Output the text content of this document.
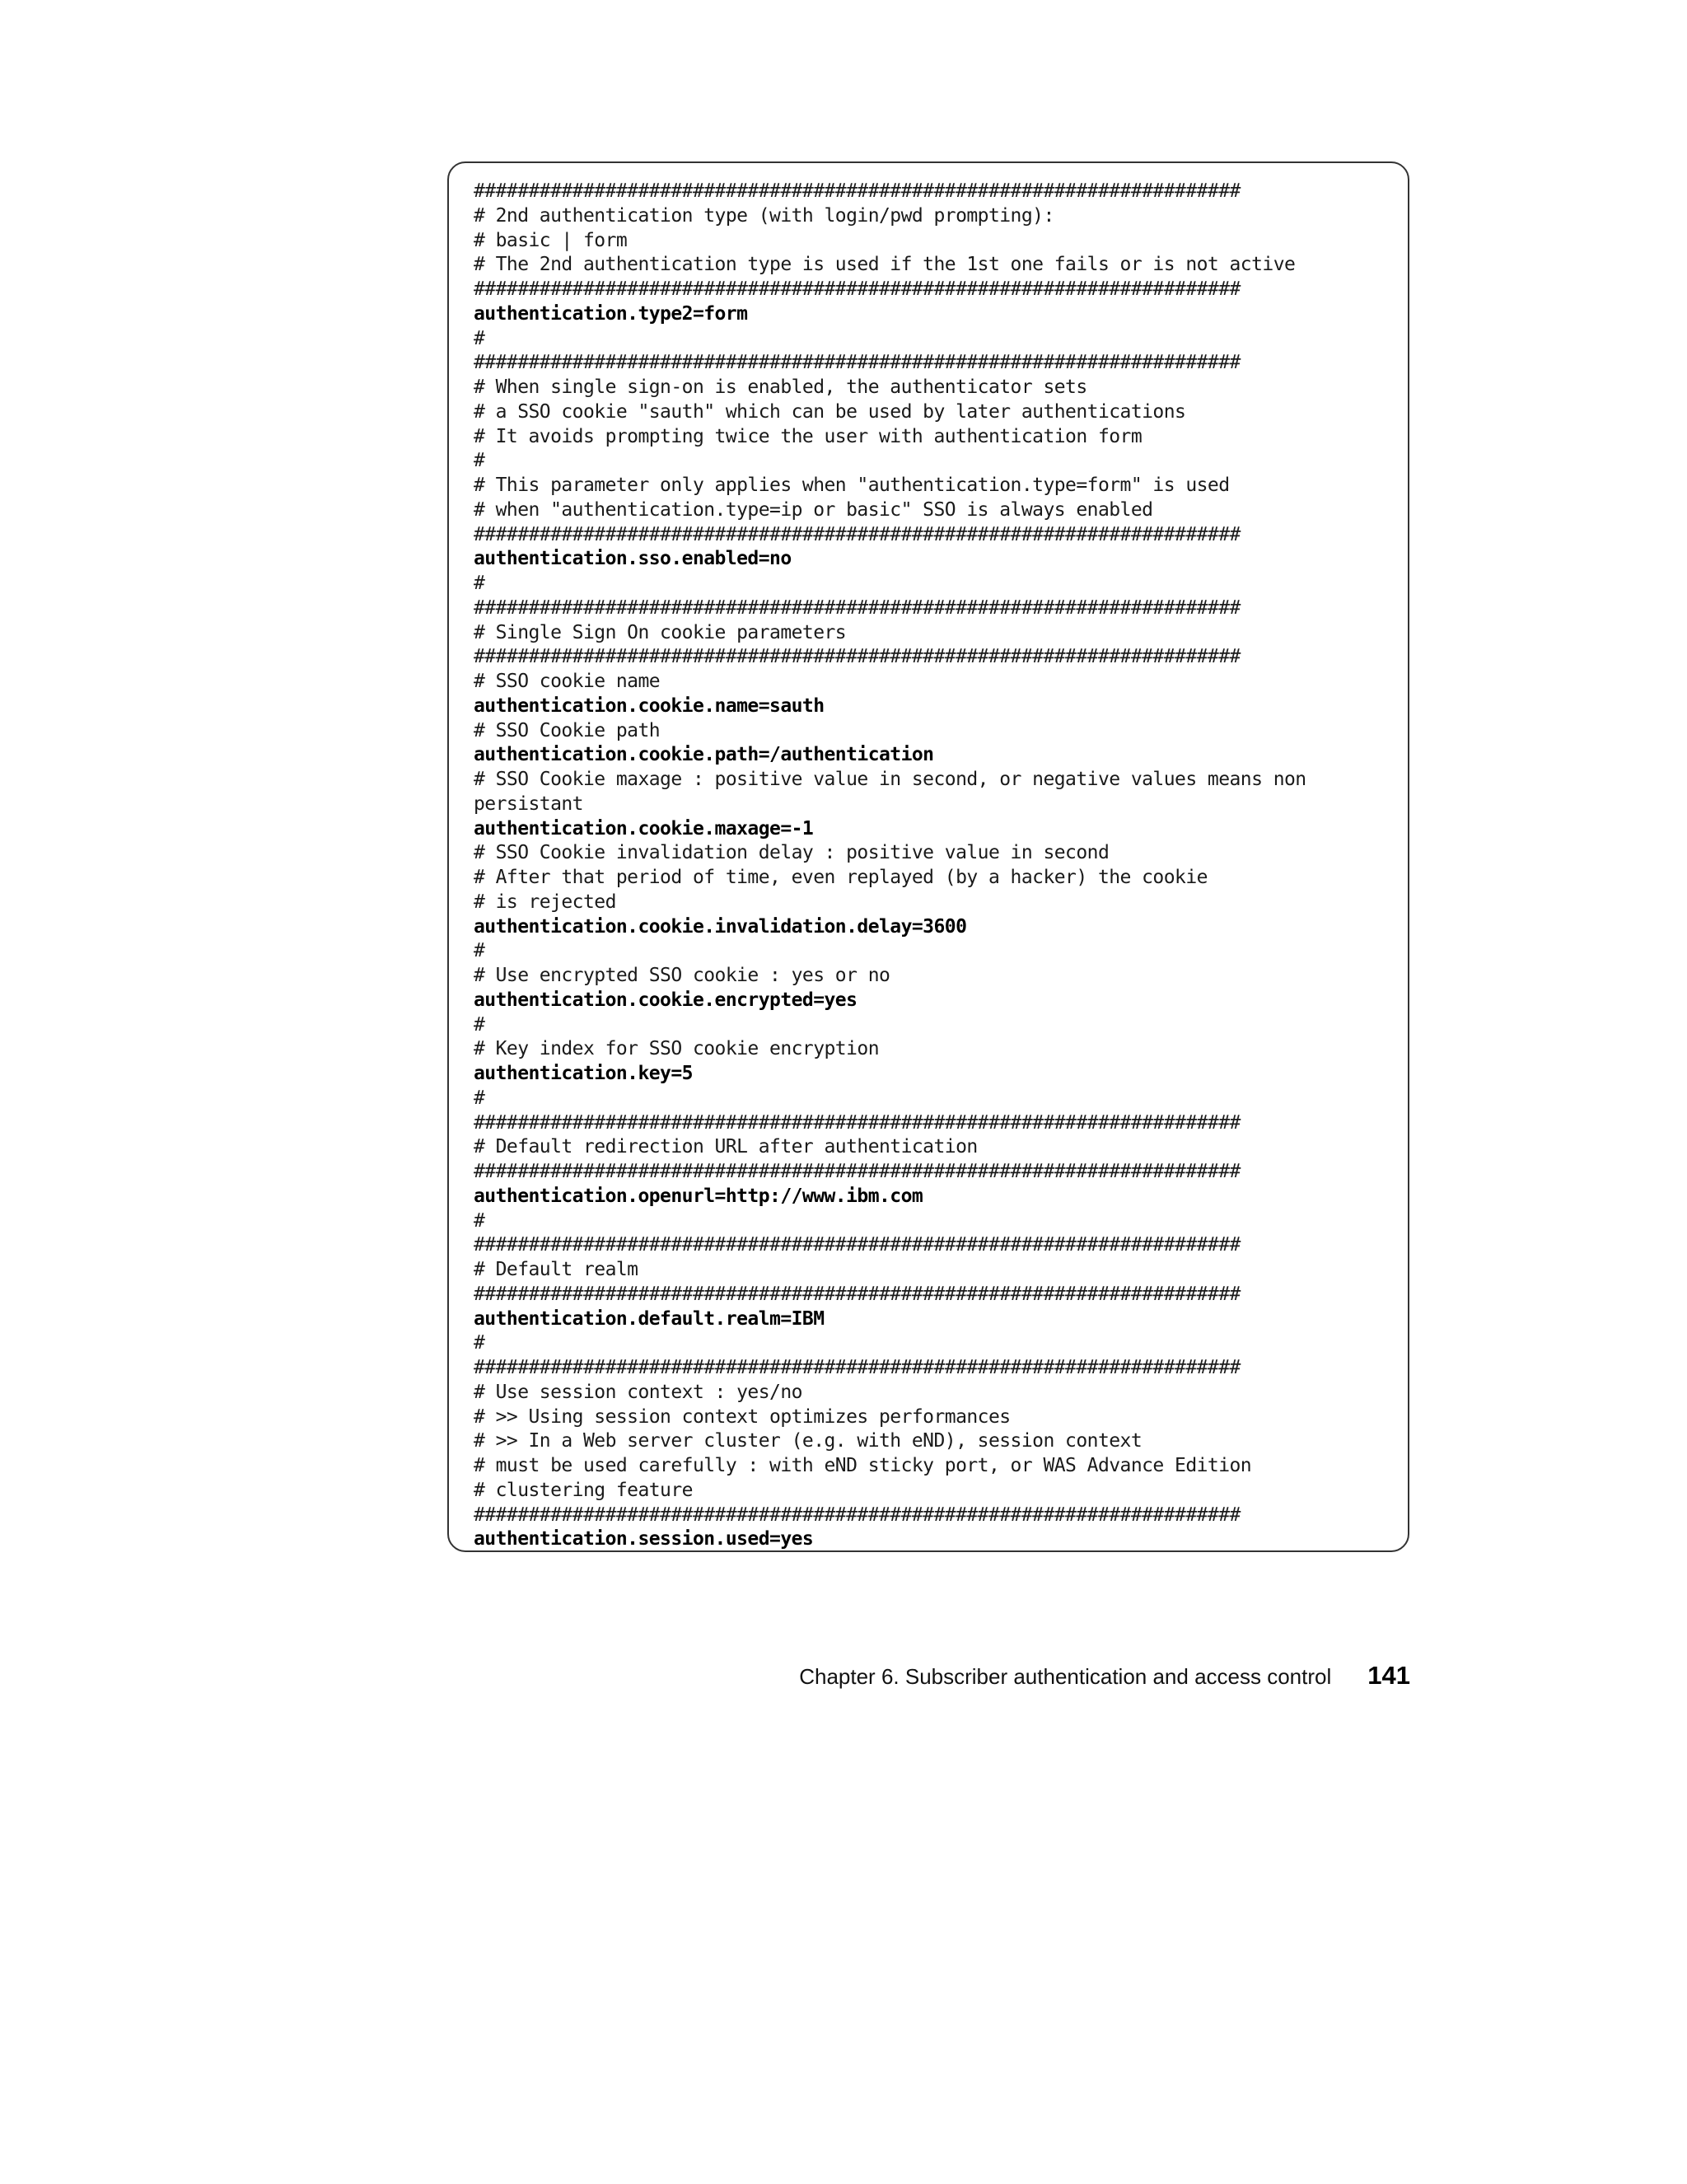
######################################################################
# 2nd authentication type (with login/pwd prompting):
# basic | form
# The 2nd authentication type is used if the 1st one fails or is not active
######################################################################
authentication.type2=form
#
######################################################################
# When single sign-on is enabled, the authenticator sets
# a SSO cookie "sauth" which can be used by later authentications
# It avoids prompting twice the user with authentication form
#
# This parameter only applies when "authentication.type=form" is used
# when "authentication.type=ip or basic" SSO is always enabled
######################################################################
authentication.sso.enabled=no
#
######################################################################
# Single Sign On cookie parameters
######################################################################
# SSO cookie name
authentication.cookie.name=sauth
# SSO Cookie path
authentication.cookie.path=/authentication
# SSO Cookie maxage : positive value in second, or negative values means non
persistant
authentication.cookie.maxage=-1
# SSO Cookie invalidation delay : positive value in second
# After that period of time, even replayed (by a hacker) the cookie
# is rejected
authentication.cookie.invalidation.delay=3600
#
# Use encrypted SSO cookie : yes or no
authentication.cookie.encrypted=yes
#
# Key index for SSO cookie encryption
authentication.key=5
#
######################################################################
# Default redirection URL after authentication
######################################################################
authentication.openurl=http://www.ibm.com
#
######################################################################
# Default realm
######################################################################
authentication.default.realm=IBM
#
######################################################################
# Use session context : yes/no
# >> Using session context optimizes performances
# >> In a Web server cluster (e.g. with eND), session context
# must be used carefully : with eND sticky port, or WAS Advance Edition
# clustering feature
######################################################################
authentication.session.used=yes
Chapter 6. Subscriber authentication and access control 141
